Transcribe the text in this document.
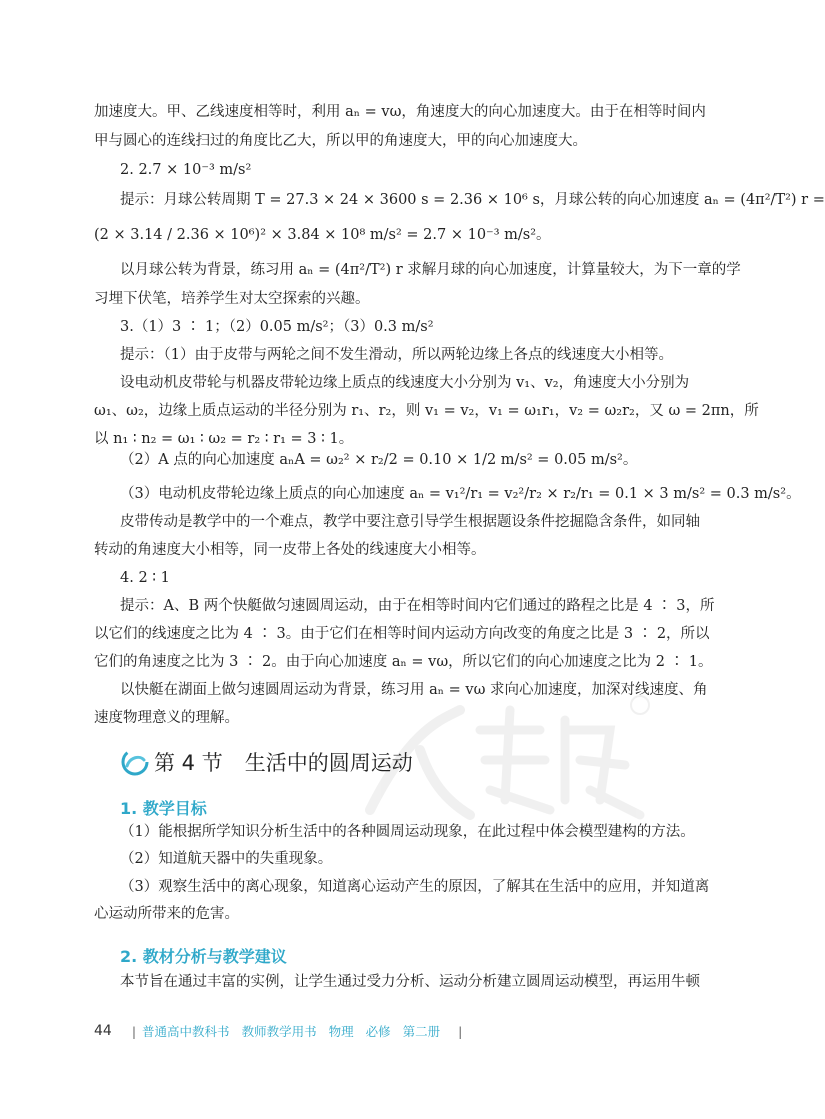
加速度大。甲、乙线速度相等时，利用 aₙ = vω，角速度大的向心加速度大。由于在相等时间内

甲与圆心的连线扫过的角度比乙大，所以甲的角速度大，甲的向心加速度大。

2. 2.7 × 10⁻³ m/s²

提示：月球公转周期 T = 27.3 × 24 × 3600 s = 2.36 × 10⁶ s，月球公转的向心加速度 aₙ = (4π²/T²) r =

(2 × 3.14 / 2.36 × 10⁶)² × 3.84 × 10⁸ m/s² = 2.7 × 10⁻³ m/s²。

以月球公转为背景，练习用 aₙ = (4π²/T²) r 求解月球的向心加速度，计算量较大，为下一章的学

习埋下伏笔，培养学生对太空探索的兴趣。

3.（1）3 ∶ 1；（2）0.05 m/s²；（3）0.3 m/s²

提示：（1）由于皮带与两轮之间不发生滑动，所以两轮边缘上各点的线速度大小相等。

设电动机皮带轮与机器皮带轮边缘上质点的线速度大小分别为 v₁、v₂，角速度大小分别为

ω₁、ω₂，边缘上质点运动的半径分别为 r₁、r₂，则 v₁ = v₂，v₁ = ω₁r₁，v₂ = ω₂r₂，又 ω = 2πn，所

以 n₁ ∶ n₂ = ω₁ ∶ ω₂ = r₂ ∶ r₁ = 3 ∶ 1。

（2）A 点的向心加速度 aₙA = ω₂² × r₂/2 = 0.10 × 1/2 m/s² = 0.05 m/s²。

（3）电动机皮带轮边缘上质点的向心加速度 aₙ = v₁²/r₁ = v₂²/r₂ × r₂/r₁ = 0.1 × 3 m/s² = 0.3 m/s²。

皮带传动是教学中的一个难点，教学中要注意引导学生根据题设条件挖掘隐含条件，如同轴

转动的角速度大小相等，同一皮带上各处的线速度大小相等。

4. 2 ∶ 1

提示：A、B 两个快艇做匀速圆周运动，由于在相等时间内它们通过的路程之比是 4 ∶ 3，所

以它们的线速度之比为 4 ∶ 3。由于它们在相等时间内运动方向改变的角度之比是 3 ∶ 2，所以

它们的角速度之比为 3 ∶ 2。由于向心加速度 aₙ = vω，所以它们的向心加速度之比为 2 ∶ 1。

以快艇在湖面上做匀速圆周运动为背景，练习用 aₙ = vω 求向心加速度，加深对线速度、角

速度物理意义的理解。

第 4 节 生活中的圆周运动
1. 教学目标

（1）能根据所学知识分析生活中的各种圆周运动现象，在此过程中体会模型建构的方法。

（2）知道航天器中的失重现象。

（3）观察生活中的离心现象，知道离心运动产生的原因，了解其在生活中的应用，并知道离

心运动所带来的危害。

2. 教材分析与教学建议

本节旨在通过丰富的实例，让学生通过受力分析、运动分析建立圆周运动模型，再运用牛顿

44 | 普通高中教科书 教师教学用书 物理 必修 第二册 |
